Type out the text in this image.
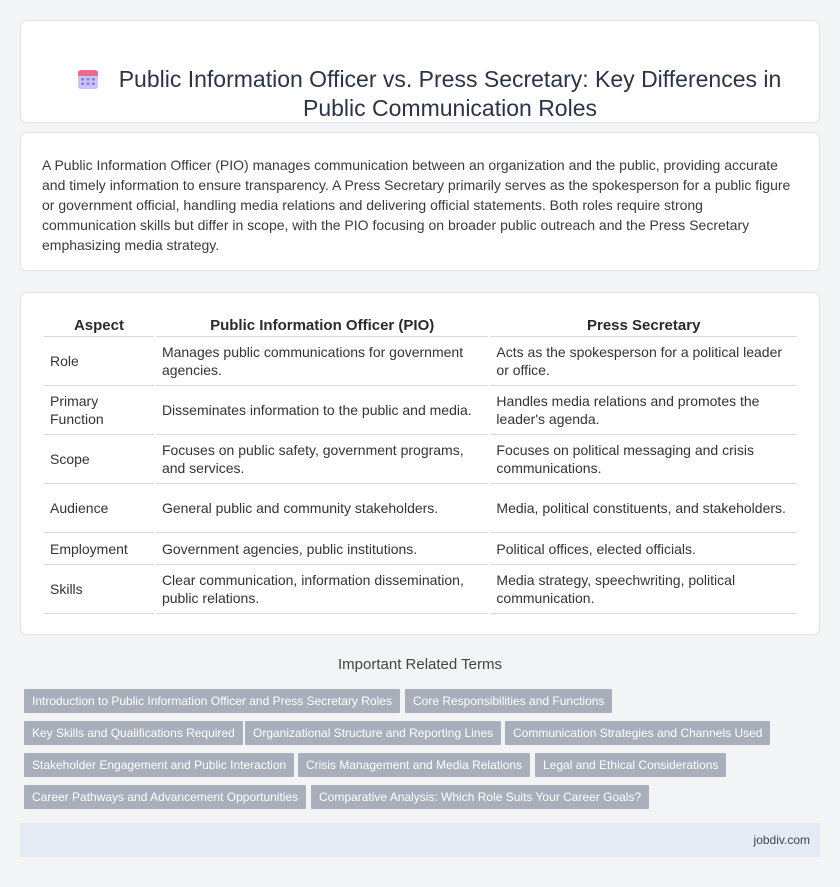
Public Information Officer vs. Press Secretary: Key Differences in Public Communication Roles

A Public Information Officer (PIO) manages communication between an organization and the public, providing accurate and timely information to ensure transparency. A Press Secretary primarily serves as the spokesperson for a public figure or government official, handling media relations and delivering official statements. Both roles require strong communication skills but differ in scope, with the PIO focusing on broader public outreach and the Press Secretary emphasizing media strategy.

Aspect	Public Information Officer (PIO)	Press Secretary
Role	Manages public communications for government agencies.	Acts as the spokesperson for a political leader or office.
Primary Function	Disseminates information to the public and media.	Handles media relations and promotes the leader's agenda.
Scope	Focuses on public safety, government programs, and services.	Focuses on political messaging and crisis communications.
Audience	General public and community stakeholders.	Media, political constituents, and stakeholders.
Employment	Government agencies, public institutions.	Political offices, elected officials.
Skills	Clear communication, information dissemination, public relations.	Media strategy, speechwriting, political communication.
Important Related Terms
Introduction to Public Information Officer and Press Secretary Roles	Core Responsibilities and Functions
Key Skills and Qualifications Required	Organizational Structure and Reporting Lines	Communication Strategies and Channels Used
Stakeholder Engagement and Public Interaction	Crisis Management and Media Relations	Legal and Ethical Considerations
Career Pathways and Advancement Opportunities	Comparative Analysis: Which Role Suits Your Career Goals?
jobdiv.com
